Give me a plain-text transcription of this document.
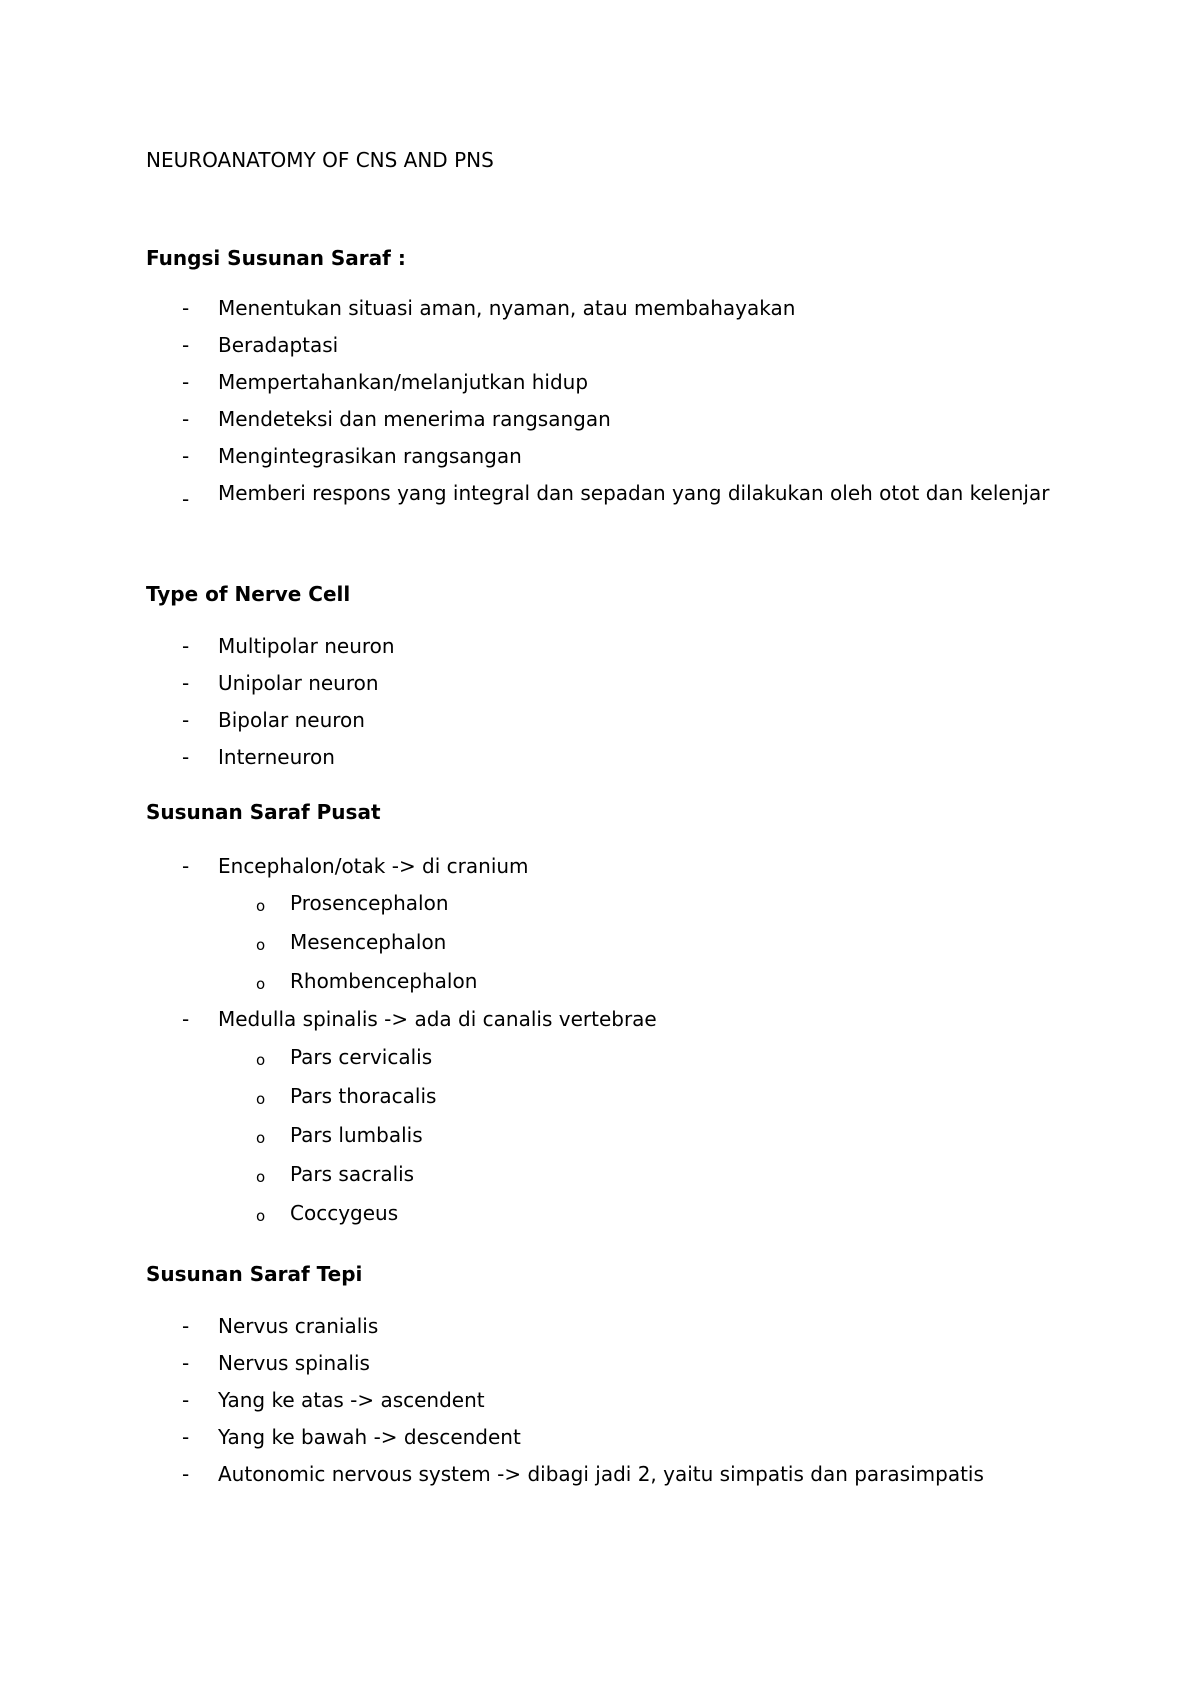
NEUROANATOMY OF CNS AND PNS
Fungsi Susunan Saraf :
- Menentukan situasi aman, nyaman, atau membahayakan
- Beradaptasi
- Mempertahankan/melanjutkan hidup
- Mendeteksi dan menerima rangsangan
- Mengintegrasikan rangsangan
- Memberi respons yang integral dan sepadan yang dilakukan oleh otot dan kelenjar
Type of Nerve Cell
- Multipolar neuron
- Unipolar neuron
- Bipolar neuron
- Interneuron
Susunan Saraf Pusat
- Encephalon/otak -> di cranium
o Prosencephalon
o Mesencephalon
o Rhombencephalon
- Medulla spinalis -> ada di canalis vertebrae
o Pars cervicalis
o Pars thoracalis
o Pars lumbalis
o Pars sacralis
o Coccygeus
Susunan Saraf Tepi
- Nervus cranialis
- Nervus spinalis
- Yang ke atas -> ascendent
- Yang ke bawah -> descendent
- Autonomic nervous system -> dibagi jadi 2, yaitu simpatis dan parasimpatis
